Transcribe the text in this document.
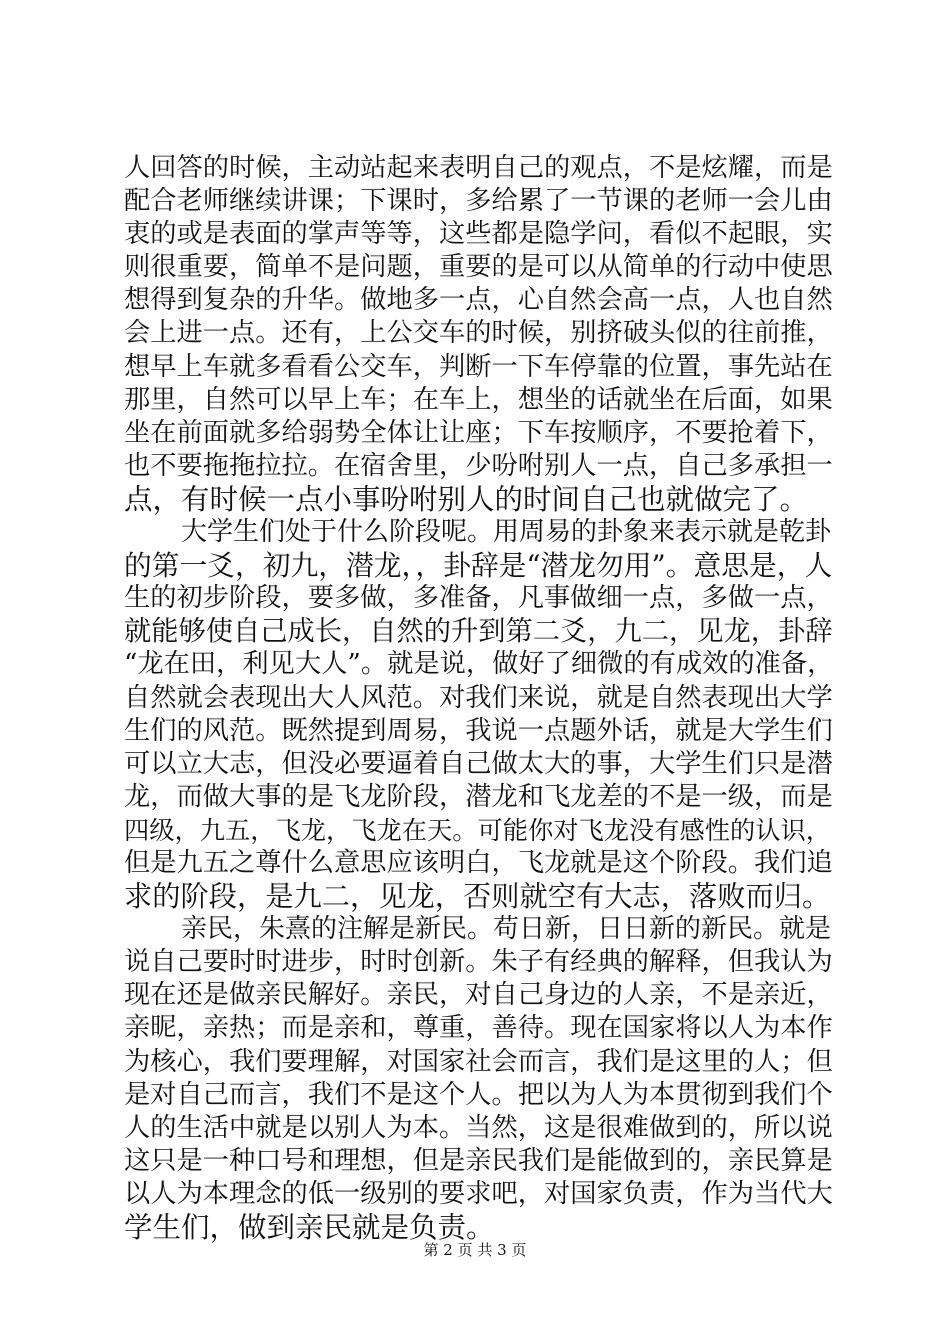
人回答的时候，主动站起来表明自己的观点，不是炫耀，而是
配合老师继续讲课；下课时，多给累了一节课的老师一会儿由
衷的或是表面的掌声等等，这些都是隐学问，看似不起眼，实
则很重要，简单不是问题，重要的是可以从简单的行动中使思
想得到复杂的升华。做地多一点，心自然会高一点，人也自然
会上进一点。还有，上公交车的时候，别挤破头似的往前推，
想早上车就多看看公交车，判断一下车停靠的位置，事先站在
那里，自然可以早上车；在车上，想坐的话就坐在后面，如果
坐在前面就多给弱势全体让让座；下车按顺序，不要抢着下，
也不要拖拖拉拉。在宿舍里，少吩咐别人一点，自己多承担一
点，有时候一点小事吩咐别人的时间自己也就做完了。
大学生们处于什么阶段呢。用周易的卦象来表示就是乾卦
的第一爻，初九，潜龙，，卦辞是“潜龙勿用”。意思是，人
生的初步阶段，要多做，多准备，凡事做细一点，多做一点，
就能够使自己成长，自然的升到第二爻，九二，见龙，卦辞
“龙在田，利见大人”。就是说，做好了细微的有成效的准备，
自然就会表现出大人风范。对我们来说，就是自然表现出大学
生们的风范。既然提到周易，我说一点题外话，就是大学生们
可以立大志，但没必要逼着自己做太大的事，大学生们只是潜
龙，而做大事的是飞龙阶段，潜龙和飞龙差的不是一级，而是
四级，九五，飞龙，飞龙在天。可能你对飞龙没有感性的认识，
但是九五之尊什么意思应该明白，飞龙就是这个阶段。我们追
求的阶段，是九二，见龙，否则就空有大志，落败而归。
亲民，朱熹的注解是新民。苟日新，日日新的新民。就是
说自己要时时进步，时时创新。朱子有经典的解释，但我认为
现在还是做亲民解好。亲民，对自己身边的人亲，不是亲近，
亲昵，亲热；而是亲和，尊重，善待。现在国家将以人为本作
为核心，我们要理解，对国家社会而言，我们是这里的人；但
是对自己而言，我们不是这个人。把以为人为本贯彻到我们个
人的生活中就是以别人为本。当然，这是很难做到的，所以说
这只是一种口号和理想，但是亲民我们是能做到的，亲民算是
以人为本理念的低一级别的要求吧，对国家负责，作为当代大
学生们，做到亲民就是负责。
第 2 页 共 3 页
